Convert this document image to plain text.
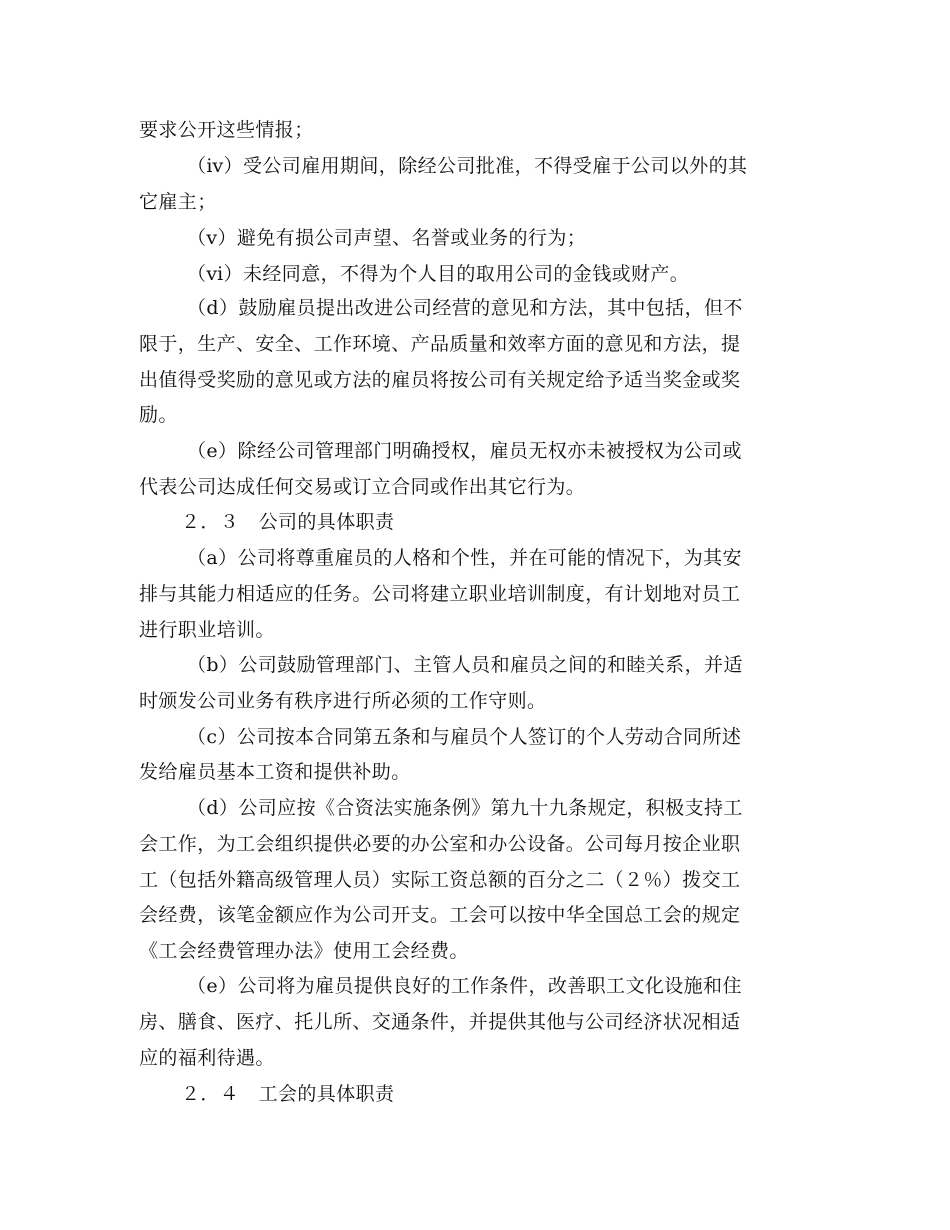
要求公开这些情报；
（ⅳ）受公司雇用期间，除经公司批准，不得受雇于公司以外的其
它雇主；
（ⅴ）避免有损公司声望、名誉或业务的行为；
（ⅵ）未经同意，不得为个人目的取用公司的金钱或财产。
（d）鼓励雇员提出改进公司经营的意见和方法，其中包括，但不
限于，生产、安全、工作环境、产品质量和效率方面的意见和方法，提
出值得受奖励的意见或方法的雇员将按公司有关规定给予适当奖金或奖
励。
（e）除经公司管理部门明确授权，雇员无权亦未被授权为公司或
代表公司达成任何交易或订立合同或作出其它行为。
２．３　公司的具体职责
（a）公司将尊重雇员的人格和个性，并在可能的情况下，为其安
排与其能力相适应的任务。公司将建立职业培训制度，有计划地对员工
进行职业培训。
（b）公司鼓励管理部门、主管人员和雇员之间的和睦关系，并适
时颁发公司业务有秩序进行所必须的工作守则。
（c）公司按本合同第五条和与雇员个人签订的个人劳动合同所述
发给雇员基本工资和提供补助。
（d）公司应按《合资法实施条例》第九十九条规定，积极支持工
会工作，为工会组织提供必要的办公室和办公设备。公司每月按企业职
工（包括外籍高级管理人员）实际工资总额的百分之二（２％）拨交工
会经费，该笔金额应作为公司开支。工会可以按中华全国总工会的规定
《工会经费管理办法》使用工会经费。
（e）公司将为雇员提供良好的工作条件，改善职工文化设施和住
房、膳食、医疗、托儿所、交通条件，并提供其他与公司经济状况相适
应的福利待遇。
２．４　工会的具体职责
